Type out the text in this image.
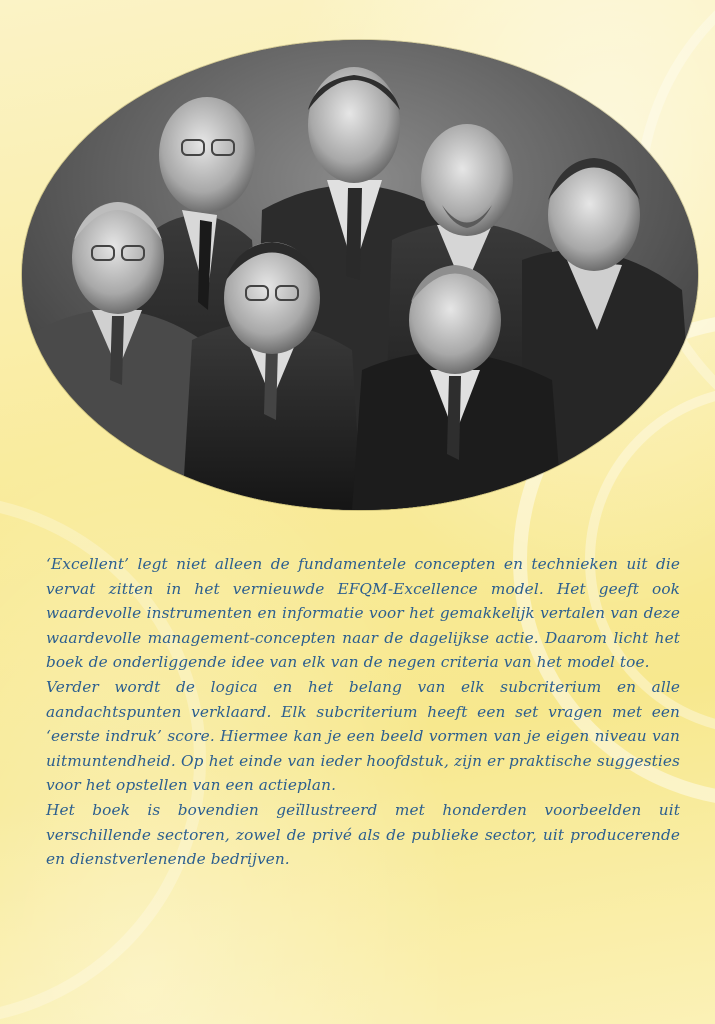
‘Excellent’ legt niet alleen de fundamentele concepten en technieken uit die vervat zitten in het vernieuwde EFQM-Excellence model. Het geeft ook waardevolle instrumenten en informatie voor het gemakkelijk vertalen van deze waardevolle management-concepten naar de dagelijkse actie. Daarom licht het boek de onderliggende idee van elk van de negen criteria van het model toe.

Verder wordt de logica en het belang van elk subcriterium en alle aandachtspunten verklaard. Elk subcriterium heeft een set vragen met een ‘eerste indruk’ score. Hiermee kan je een beeld vormen van je eigen niveau van uitmuntendheid. Op het einde van ieder hoofdstuk, zijn er praktische suggesties voor het opstellen van een actieplan.

Het boek is bovendien geïllustreerd met honderden voorbeelden uit verschillende sectoren, zowel de privé als de publieke sector, uit producerende en dienstverlenende bedrijven.
